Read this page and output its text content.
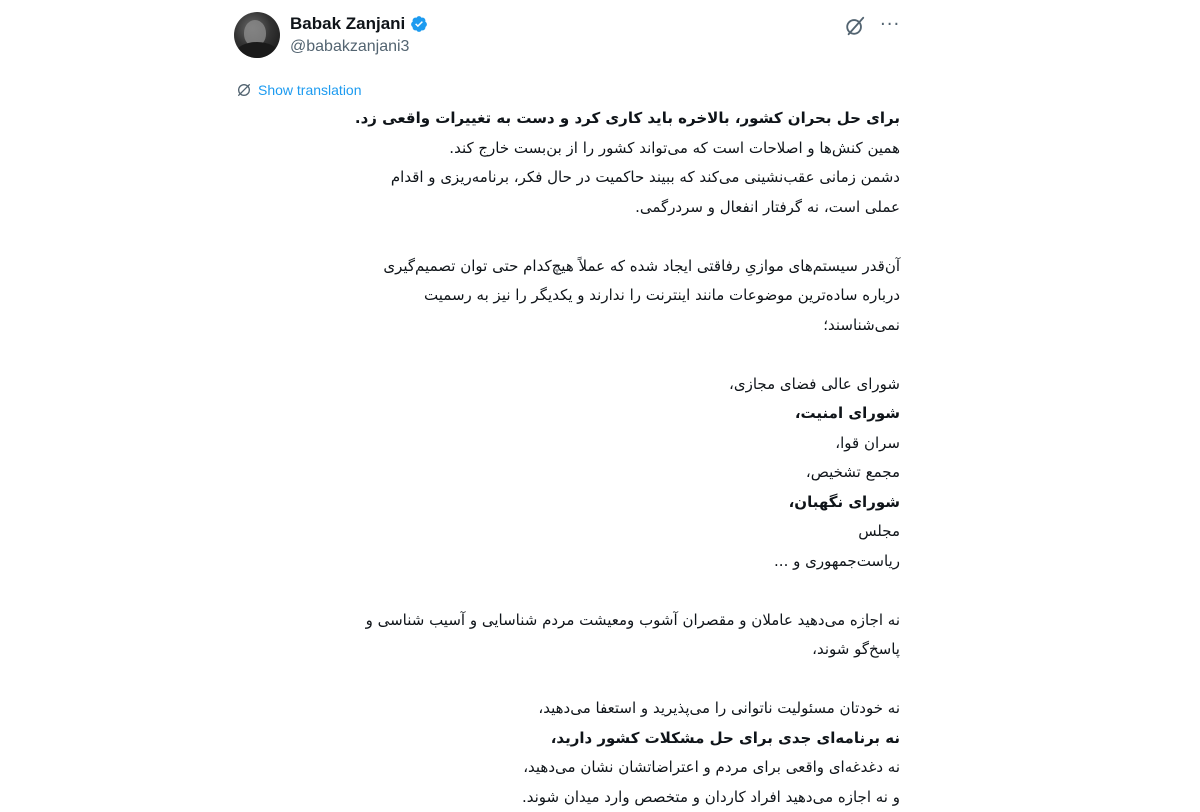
Babak Zanjani
@babakzanjani3
···
Show translation
برای حل بحران کشور، بالاخره باید کاری کرد و دست به تغییرات واقعی زد.
همین کنش‌ها و اصلاحات است که می‌تواند کشور را از بن‌بست خارج کند.
دشمن زمانی عقب‌نشینی می‌کند که ببیند حاکمیت در حال فکر، برنامه‌ریزی و اقدام
عملی است، نه گرفتار انفعال و سردرگمی.
آن‌قدر سیستم‌های موازیِ رفاقتی ایجاد شده که عملاً هیچ‌کدام حتی توان تصمیم‌گیری
درباره ساده‌ترین موضوعات مانند اینترنت را ندارند و یکدیگر را نیز به رسمیت
نمی‌شناسند؛
شورای عالی فضای مجازی،
شورای امنیت،
سران قوا،
مجمع تشخیص،
شورای نگهبان،
مجلس
ریاست‌جمهوری و ...
نه اجازه می‌دهید عاملان و مقصران آشوب ومعیشت مردم شناسایی و آسیب شناسی و
پاسخ‌گو شوند،
نه خودتان مسئولیت ناتوانی را می‌پذیرید و استعفا می‌دهید،
نه برنامه‌ای جدی برای حل مشکلات کشور دارید،
نه دغدغه‌ای واقعی برای مردم و اعتراضاتشان نشان می‌دهید،
و نه اجازه می‌دهید افراد کاردان و متخصص وارد میدان شوند.
